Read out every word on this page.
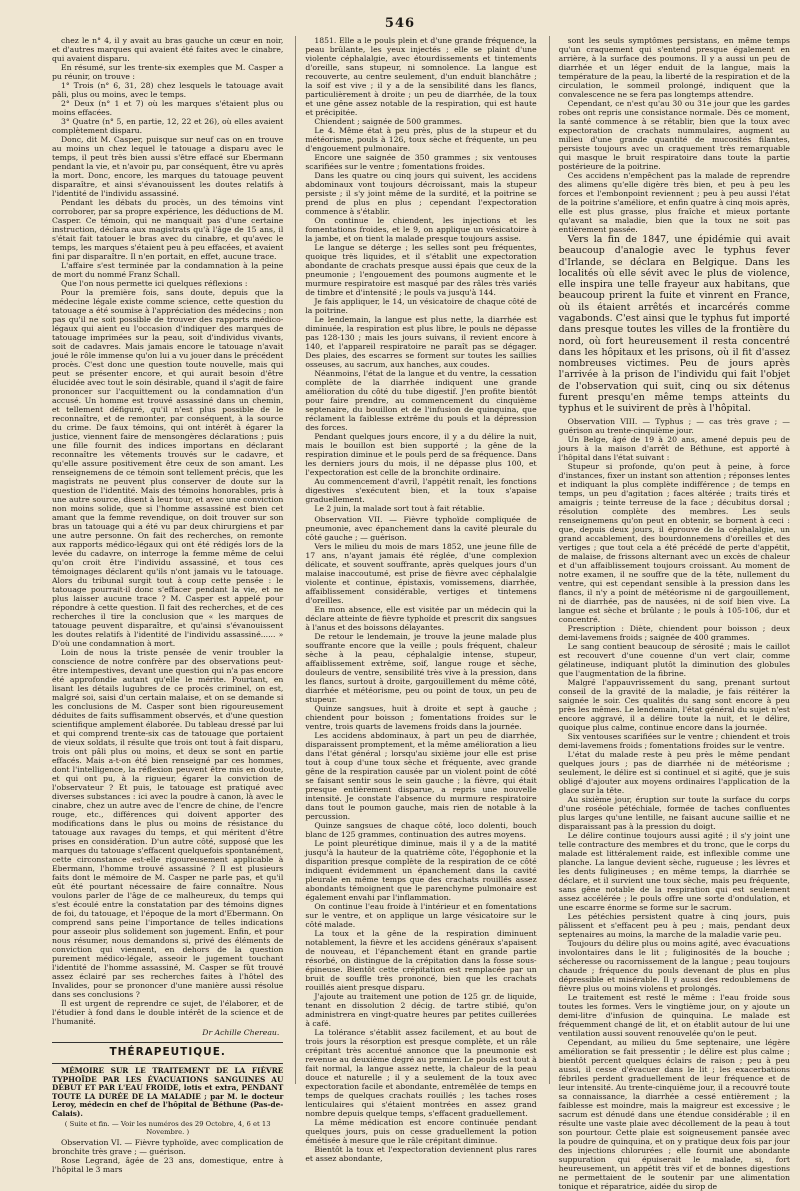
546

chez le n° 4, il y avait au bras gauche un cœur en noir, et d'autres marques qui avaient été faites avec le cinabre, qui avaient disparu.

En résumé, sur les trente-six exemples que M. Casper a pu réunir, on trouve :

1° Trois (n° 6, 31, 28) chez lesquels le tatouage avait pâli, plus ou moins, avec le temps.

2° Deux (n° 1 et 7) où les marques s'étaient plus ou moins effacées.

3° Quatre (n° 5, en partie, 12, 22 et 26), où elles avaient complètement disparu.

Donc, dit M. Casper, puisque sur neuf cas on en trouve au moins un chez lequel le tatouage a disparu avec le temps, il peut très bien aussi s'être effacé sur Ebermann pendant la vie, et n'avoir pu, par conséquent, être vu après la mort. Donc, encore, les marques du tatouage peuvent disparaître, et ainsi s'évanouissent les doutes relatifs à l'identité de l'individu assassiné.

Pendant les débats du procès, un des témoins vint corroborer, par sa propre expérience, les déductions de M. Casper. Ce témoin, qui ne manquait pas d'une certaine instruction, déclara aux magistrats qu'à l'âge de 15 ans, il s'était fait tatouer le bras avec du cinabre, et qu'avec le temps, les marques s'étaient peu à peu effacées, et avaient fini par disparaître. Il n'en portait, en effet, aucune trace.

L'affaire s'est terminée par la condamnation à la peine de mort du nommé Franz Schall.

Que l'on nous permette ici quelques réflexions :

Pour la première fois, sans doute, depuis que la médecine légale existe comme science, cette question du tatouage a été soumise à l'appréciation des médecins ; non pas qu'il ne soit possible de trouver des rapports médico-légaux qui aient eu l'occasion d'indiquer des marques de tatouage imprimées sur la peau, soit d'individus vivants, soit de cadavres. Mais jamais encore le tatouage n'avait joué le rôle immense qu'on lui a vu jouer dans le précédent procès. C'est donc une question toute nouvelle, mais qui peut se présenter encore, et qui aurait besoin d'être élucidée avec tout le soin désirable, quand il s'agit de faire prononcer sur l'acquittement ou la condamnation d'un accusé. Un homme est trouvé assassiné dans un chemin, et tellement défiguré, qu'il n'est plus possible de le reconnaître, et de remonter, par conséquent, à la source du crime. De faux témoins, qui ont intérêt à égarer la justice, viennent faire de mensongères déclarations ; puis une fille fournit des indices importans en déclarant reconnaître les vêtements trouvés sur le cadavre, et qu'elle assure positivement être ceux de son amant. Les renseignemens de ce témoin sont tellement précis, que les magistrats ne peuvent plus conserver de doute sur la question de l'identité. Mais des témoins honorables, pris à une autre source, disent à leur tour, et avec une conviction non moins solide, que si l'homme assassiné est bien cet amant que la femme revendique, on doit trouver sur son bras un tatouage qui a été vu par deux chirurgiens et par une autre personne. On fait des recherches, on remonte aux rapports médico-légaux qui ont été rédigés lors de la levée du cadavre, on interroge la femme même de celui qu'on croit être l'individu assassiné, et tous ces témoignages déclarent qu'ils n'ont jamais vu le tatouage. Alors du tribunal surgit tout à coup cette pensée : le tatouage pourrait-il donc s'effacer pendant la vie, et ne plus laisser aucune trace ? M. Casper est appelé pour répondre à cette question. Il fait des recherches, et de ces recherches il tire la conclusion que « les marques de tatouage peuvent disparaître, et qu'ainsi s'évanouissent les doutes relatifs à l'identité de l'individu assassiné...... » D'où une condamnation à mort.

Loin de nous la triste pensée de venir troubler la conscience de notre confrère par des observations peut-être intempestives, devant une question qui n'a pas encore été approfondie autant qu'elle le mérite. Pourtant, en lisant les détails lugubres de ce procès criminel, on est, malgré soi, saisi d'un certain malaise, et on se demande si les conclusions de M. Casper sont bien rigoureusement déduites de faits suffisamment observés, et d'une question scientifique amplement élaborée. Du tableau dressé par lui et qui comprend trente-six cas de tatouage que portaient de vieux soldats, il résulte que trois ont tout à fait disparu, trois ont pâli plus ou moins, et deux se sont en partie effacés. Mais a-t-on été bien renseigné par ces hommes, dont l'intelligence, la réflexion peuvent être mis en doute, et qui ont pu, à la rigueur, égarer la conviction de l'observateur ? Et puis, le tatouage est pratiqué avec diverses substances : ici avec la poudre à canon, là avec le cinabre, chez un autre avec de l'encre de chine, de l'encre rouge, etc., différences qui doivent apporter des modifications dans le plus ou moins de résistance du tatouage aux ravages du temps, et qui méritent d'être prises en considération. D'un autre côté, supposé que les marques du tatouage s'effacent quelquefois spontanément, cette circonstance est-elle rigoureusement applicable à Ebermann, l'homme trouvé assassiné ? Il est plusieurs faits dont le mémoire de M. Casper ne parle pas, et qu'il eût été pourtant nécessaire de faire connaître. Nous voulons parler de l'âge de ce malheureux, du temps qui s'est écoulé entre la constatation par des témoins dignes de foi, du tatouage, et l'époque de la mort d'Ebermann. On comprend sans peine l'importance de telles indications pour asseoir plus solidement son jugement. Enfin, et pour nous résumer, nous demandons si, privé des éléments de conviction qui viennent, en dehors de la question purement médico-légale, asseoir le jugement touchant l'identité de l'homme assassiné, M. Casper se fût trouvé assez éclairé par ses recherches faites à l'hôtel des Invalides, pour se prononcer d'une manière aussi résolue dans ses conclusions ?

Il est urgent de reprendre ce sujet, de l'élaborer, et de l'étudier à fond dans le double intérêt de la science et de l'humanité.

Dr Achille Chereau.
THÉRAPEUTIQUE.

MÉMOIRE SUR LE TRAITEMENT DE LA FIÈVRE TYPHOÏDE PAR LES ÉVACUATIONS SANGUINES AU DÉBUT ET PAR L'EAU FROIDE, lotis et extra, PENDANT TOUTE LA DURÉE DE LA MALADIE ; par M. le docteur Leroy, médecin en chef de l'hôpital de Béthune (Pas-de-Calais).

( Suite et fin. — Voir les numéros des 29 Octobre, 4, 6 et 13 Novembre. )

Observation VI. — Fièvre typhoïde, avec complication de bronchite très grave ; — guérison.

Rose Legrand, âgée de 23 ans, domestique, entre à l'hôpital le 3 mars

1851. Elle a le pouls plein et d'une grande fréquence, la peau brûlante, les yeux injectés ; elle se plaint d'une violente céphalalgie, avec étourdissements et tintements d'oreille, sans stupeur, ni somnolence. La langue est recouverte, au centre seulement, d'un enduit blanchâtre ; la soif est vive ; il y a de la sensibilité dans les flancs, particulièrement à droite ; un peu de diarrhée, de la toux et une gêne assez notable de la respiration, qui est haute et précipitée.

Chiendent ; saignée de 500 grammes.

Le 4. Même état à peu près, plus de la stupeur et du météorisme, pouls à 126, toux sèche et fréquente, un peu d'engouement pulmonaire.

Encore une saignée de 350 grammes ; six ventouses scarifiées sur le ventre ; fomentations froides.

Dans les quatre ou cinq jours qui suivent, les accidens abdominaux vont toujours décroissant, mais la stupeur persiste ; il s'y joint même de la surdité, et la poitrine se prend de plus en plus ; cependant l'expectoration commence à s'établir.

On continue le chiendent, les injections et les fomentations froides, et le 9, on applique un vésicatoire à la jambe, et on tient la malade presque toujours assise.

Le langue se déterge ; les selles sont peu fréquentes, quoique très liquides, et il s'établit une expectoration abondante de crachats presque aussi épais que ceux de la pneumonie ; l'engouement des poumons augmente et le murmure respiratoire est masqué par des râles très variés de timbre et d'intensité ; le pouls va jusqu'à 144.

Je fais appliquer, le 14, un vésicatoire de chaque côté de la poitrine.

Le lendemain, la langue est plus nette, la diarrhée est diminuée, la respiration est plus libre, le pouls ne dépasse pas 128-130 ; mais les jours suivans, il revient encore à 140, et l'appareil respiratoire ne paraît pas se dégager. Des plaies, des escarres se forment sur toutes les saillies osseuses, au sacrum, aux hanches, aux coudes.

Néanmoins, l'état de la langue et du ventre, la cessation complète de la diarrhée indiquent une grande amélioration du côté du tube digestif. J'en profite bientôt pour faire prendre, au commencement du cinquième septenaire, du bouillon et de l'infusion de quinquina, que réclament la faiblesse extrême du pouls et la dépression des forces.

Pendant quelques jours encore, il y a du délire la nuit, mais le bouillon est bien supporté ; la gêne de la respiration diminue et le pouls perd de sa fréquence. Dans les derniers jours du mois, il ne dépasse plus 100, et l'expectoration est celle de la bronchite ordinaire.

Au commencement d'avril, l'appétit renaît, les fonctions digestives s'exécutent bien, et la toux s'apaise graduellement.

Le 2 juin, la malade sort tout à fait rétablie.

Observation VII. — Fièvre typhoïde compliquée de pneumonie, avec épanchement dans la cavité pleurale du côté gauche ; — guérison.

Vers le milieu du mois de mars 1852, une jeune fille de 17 ans, n'ayant jamais été réglée, d'une complexion délicate, et souvent souffrante, après quelques jours d'un malaise inaccoutumé, est prise de fièvre avec céphalalgie violente et continue, épistaxis, vomissemens, diarrhée, affaiblissement considérable, vertiges et tintemens d'oreilles.

En mon absence, elle est visitée par un médecin qui la déclare atteinte de fièvre typhoïde et prescrit dix sangsues à l'anus et des boissons délayantes.

De retour le lendemain, je trouve la jeune malade plus souffrante encore que la veille ; pouls fréquent, chaleur sèche à la peau, céphalalgie intense, stupeur, affaiblissement extrême, soif, langue rouge et sèche, douleurs de ventre, sensibilité très vive à la pression, dans les flancs, surtout à droite, gargouillement du même côté, diarrhée et météorisme, peu ou point de toux, un peu de stupeur.

Quinze sangsues, huit à droite et sept à gauche ; chiendent pour boisson ; fomentations froides sur le ventre, trois quarts de lavemens froids dans la journée.

Les accidens abdominaux, à part un peu de diarrhée, disparaissent promptement, et la même amélioration a lieu dans l'état général ; lorsqu'au sixième jour elle est prise tout à coup d'une toux sèche et fréquente, avec grande gêne de la respiration causée par un violent point de côté se faisant sentir sous le sein gauche ; la fièvre, qui était presque entièrement disparue, a repris une nouvelle intensité. Je constate l'absence du murmure respiratoire dans tout le poumon gauche, mais rien de notable à la percussion.

Quinze sangsues de chaque côté, loco dolenti, bouch blanc de 125 grammes, continuation des autres moyens.

Le point pleurétique diminue, mais il y a de la matité jusqu'à la hauteur de la quatrième côte, l'égophonie et la disparition presque complète de la respiration de ce côté indiquent évidemment un épanchement dans la cavité pleurale en même temps que des crachats rouillés assez abondants témoignent que le parenchyme pulmonaire est également envahi par l'inflammation.

On continue l'eau froide à l'intérieur et en fomentations sur le ventre, et on applique un large vésicatoire sur le côté malade.

La toux et la gêne de la respiration diminuent notablement, la fièvre et les accidens généraux s'apaisent de nouveau, et l'épanchement étant en grande partie résorbé, on distingue de la crépitation dans la fosse sous-épineuse. Bientôt cette crépitation est remplacée par un bruit de souffle très prononcé, bien que les crachats rouillés aient presque disparu.

J'ajoute au traitement une potion de 125 gr. de liquide, tenant en dissolution 2 décig. de tartre stibié, qu'on administrera en vingt-quatre heures par petites cuillerées à café.

La tolérance s'établit assez facilement, et au bout de trois jours la résorption est presque complète, et un râle crépitant très accentué annonce que la pneumonie est revenue au deuxième degré au premier. Le pouls est tout à fait normal, la langue assez nette, la chaleur de la peau douce et naturelle ; il y a seulement de la toux avec expectoration facile et abondante, entremêlée de temps en temps de quelques crachats rouillés ; les taches roses lenticulaires qui s'étaient montrées en assez grand nombre depuis quelque temps, s'effacent graduellement.

La même médication est encore continuée pendant quelques jours, puis on cesse graduellement la potion émétisée à mesure que le râle crépitant diminue.

Bientôt la toux et l'expectoration deviennent plus rares et assez abondante,

sont les seuls symptômes persistans, en même temps qu'un craquement qui s'entend presque également en arrière, à la surface des poumons. Il y a aussi un peu de diarrhée et un léger enduit de la langue, mais la température de la peau, la liberté de la respiration et de la circulation, le sommeil prolongé, indiquent que la convalescence ne se fera pas longtemps attendre.

Cependant, ce n'est qu'au 30 ou 31e jour que les gardes robes ont repris une consistance normale. Dès ce moment, la santé commence à se rétablir, bien que la toux avec expectoration de crachats nummulaires, augment au milieu d'une grande quantité de mucosités filantes, persiste toujours avec un craquement très remarquable qui masque le bruit respiratoire dans toute la partie postérieure de la poitrine.

Ces accidens n'empêchent pas la malade de reprendre des alimens qu'elle digère très bien, et peu à peu les forces et l'embonpoint reviennent ; peu à peu aussi l'état de la poitrine s'améliore, et enfin quatre à cinq mois après, elle est plus grasse, plus fraîche et mieux portante qu'avant sa maladie, bien que la toux ne soit pas entièrement passée.

Vers la fin de 1847, une épidémie qui avait beaucoup d'analogie avec le typhus fever d'Irlande, se déclara en Belgique. Dans les localités où elle sévit avec le plus de violence, elle inspira une telle frayeur aux habitans, que beaucoup prirent la fuite et vinrent en France, où ils étaient arrêtés et incarcérés comme vagabonds. C'est ainsi que le typhus fut importé dans presque toutes les villes de la frontière du nord, où fort heureusement il resta concentré dans les hôpitaux et les prisons, où il fit d'assez nombreuses victimes. Peu de jours après l'arrivée à la prison de l'individu qui fait l'objet de l'observation qui suit, cinq ou six détenus furent presqu'en même temps atteints du typhus et le suivirent de près à l'hôpital.

Observation VIII. — Typhus ; — cas très grave ; — guérison au trente-cinquième jour.

Un Belge, âgé de 19 à 20 ans, amené depuis peu de jours à la maison d'arrêt de Béthune, est apporté à l'hôpital dans l'état suivant :

Stupeur si profonde, qu'on peut à peine, à force d'instances, fixer un instant son attention ; réponses lentes et indiquant la plus complète indifférence ; de temps en temps, un peu d'agitation ; faces altérée ; traits tirés et amaigris ; teinte terreuse de la face ; décubitus dorsal ; résolution complète des membres. Les seuls renseignemens qu'on peut en obtenir, se bornent à ceci : que, depuis deux jours, il éprouve de la céphalalgie, un grand accablement, des bourdonnemens d'oreilles et des vertiges ; que tout cela a été précédé de perte d'appétit, de malaise, de frissons alternant avec un excès de chaleur et d'un affaiblissement toujours croissant. Au moment de notre examen, il ne souffre que de la tête, nullement du ventre, qui est cependant sensible à la pression dans les flancs, il n'y a point de météorisme ni de gargouillement, ni de diarrhée, pas de nausées, ni de soif bien vive. La langue est sèche et brûlante ; le pouls à 105-106, dur et concentré.

Prescription : Diète, chiendent pour boisson ; deux demi-lavemens froids ; saignée de 400 grammes.

Le sang contient beaucoup de sérosité ; mais le caillot est recouvert d'une couenne d'un vert clair, comme gélatineuse, indiquant plutôt la diminution des globules que l'augmentation de la fibrine.

Malgré l'appauvrissement du sang, prenant surtout conseil de la gravité de la maladie, je fais réitérer la saignée le soir. Ces qualités du sang sont encore à peu près les mêmes. Le lendemain, l'état général du sujet n'est encore aggravé, il a délire toute la nuit, et le délire, quoique plus calme, continue encore dans la journée.

Six ventouses scarifiées sur le ventre ; chiendent et trois demi-lavemens froids ; fomentations froides sur le ventre.

L'état du malade reste à peu près le même pendant quelques jours ; pas de diarrhée ni de météorisme ; seulement, le délire est si continuel et si agité, que je suis obligé d'ajouter aux moyens ordinaires l'application de la glace sur la tête.

Au sixième jour, éruption sur toute la surface du corps d'une roséole pétéchiale, formée de taches confluentes plus larges qu'une lentille, ne faisant aucune saillie et ne disparaissant pas à la pression du doigt.

Le délire continue toujours aussi agité ; il s'y joint une telle contracture des membres et du tronc, que le corps du malade est littéralement raide, est inflexible comme une planche. La langue devient sèche, rugueuse ; les lèvres et les dents fuligineuses ; en même temps, la diarrhée se déclare, et il survient une toux sèche, mais peu fréquente, sans gêne notable de la respiration qui est seulement assez accélérée ; le pouls offre une sorte d'ondulation, et une escarre énorme se forme sur le sacrum.

Les pétéchies persistent quatre à cinq jours, puis pâlissent et s'effacent peu à peu ; mais, pendant deux septenaires au moins, la marche de la maladie varie peu.

Toujours du délire plus ou moins agité, avec évacuations involontaires dans le lit ; fuliginosités de la bouche ; sécheresse ou racornissement de la langue ; peau toujours chaude ; fréquence du pouls devenant de plus en plus dépressible et misérable. Il y aussi des redoublemens de fièvre plus ou moins violens et prolongés.

Le traitement est resté le même : l'eau froide sous toutes les formes. Vers le vingtième jour, on y ajoute un demi-litre d'infusion de quinquina. Le malade est fréquemment changé de lit, et on établit autour de lui une ventilation aussi souvent renouvelée qu'on le peut.

Cependant, au milieu du 5me septenaire, une légère amélioration se fait pressentir ; le délire est plus calme ; bientôt percent quelques éclairs de raison ; peu à peu aussi, il cesse d'évacuer dans le lit ; les exacerbations fébriles perdent graduellement de leur fréquence et de leur intensité. Au trente-cinquième jour, il a recouvré toute sa connaissance, la diarrhée a cessé entièrement ; la faiblesse est moindre, mais la maigreur est excessive ; le sacrum est dénudé dans une étendue considérable ; il en résulte une vaste plaie avec décollement de la peau à tout son pourtour. Cette plaie est soigneusement pansée avec la poudre de quinquina, et on y pratique deux fois par jour des injections chlorurées ; elle fournit une abondante suppuration qui épuiserait le malade, si, fort heureusement, un appétit très vif et de bonnes digestions ne permettaient de le soutenir par une alimentation tonique et réparatrice, aidée du sirop de
